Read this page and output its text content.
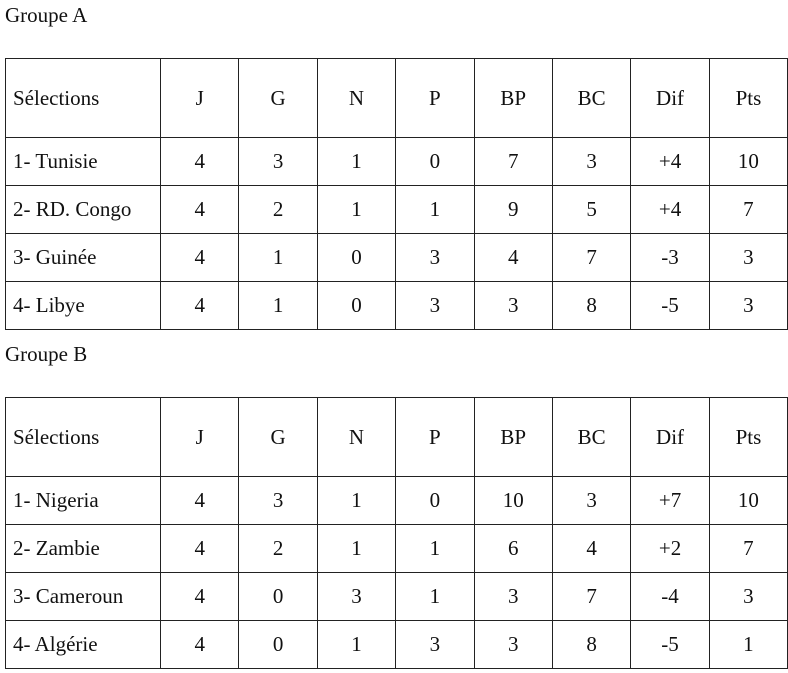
Groupe A
Sélections	J	G	N	P	BP	BC	Dif	Pts
1- Tunisie	4	3	1	0	7	3	+4	10
2- RD. Congo	4	2	1	1	9	5	+4	7
3- Guinée	4	1	0	3	4	7	-3	3
4- Libye	4	1	0	3	3	8	-5	3
Groupe B
Sélections	J	G	N	P	BP	BC	Dif	Pts
1- Nigeria	4	3	1	0	10	3	+7	10
2- Zambie	4	2	1	1	6	4	+2	7
3- Cameroun	4	0	3	1	3	7	-4	3
4- Algérie	4	0	1	3	3	8	-5	1
